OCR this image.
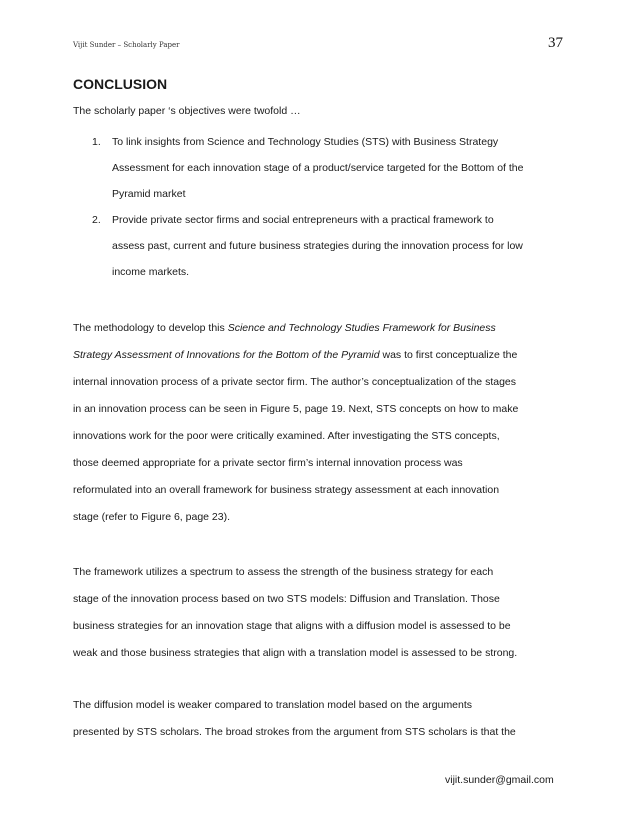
Vijit Sunder – Scholarly Paper	37
CONCLUSION

The scholarly paper ‘s objectives were twofold …

1. To link insights from Science and Technology Studies (STS) with Business Strategy

Assessment for each innovation stage of a product/service targeted for the Bottom of the

Pyramid market

2. Provide private sector firms and social entrepreneurs with a practical framework to

assess past, current and future business strategies during the innovation process for low

income markets.

The methodology to develop this Science and Technology Studies Framework for Business

Strategy Assessment of Innovations for the Bottom of the Pyramid was to first conceptualize the

internal innovation process of a private sector firm. The author’s conceptualization of the stages

in an innovation process can be seen in Figure 5, page 19. Next, STS concepts on how to make

innovations work for the poor were critically examined. After investigating the STS concepts,

those deemed appropriate for a private sector firm’s internal innovation process was

reformulated into an overall framework for business strategy assessment at each innovation

stage (refer to Figure 6, page 23).

The framework utilizes a spectrum to assess the strength of the business strategy for each

stage of the innovation process based on two STS models: Diffusion and Translation. Those

business strategies for an innovation stage that aligns with a diffusion model is assessed to be

weak and those business strategies that align with a translation model is assessed to be strong.

The diffusion model is weaker compared to translation model based on the arguments

presented by STS scholars. The broad strokes from the argument from STS scholars is that the

vijit.sunder@gmail.com
